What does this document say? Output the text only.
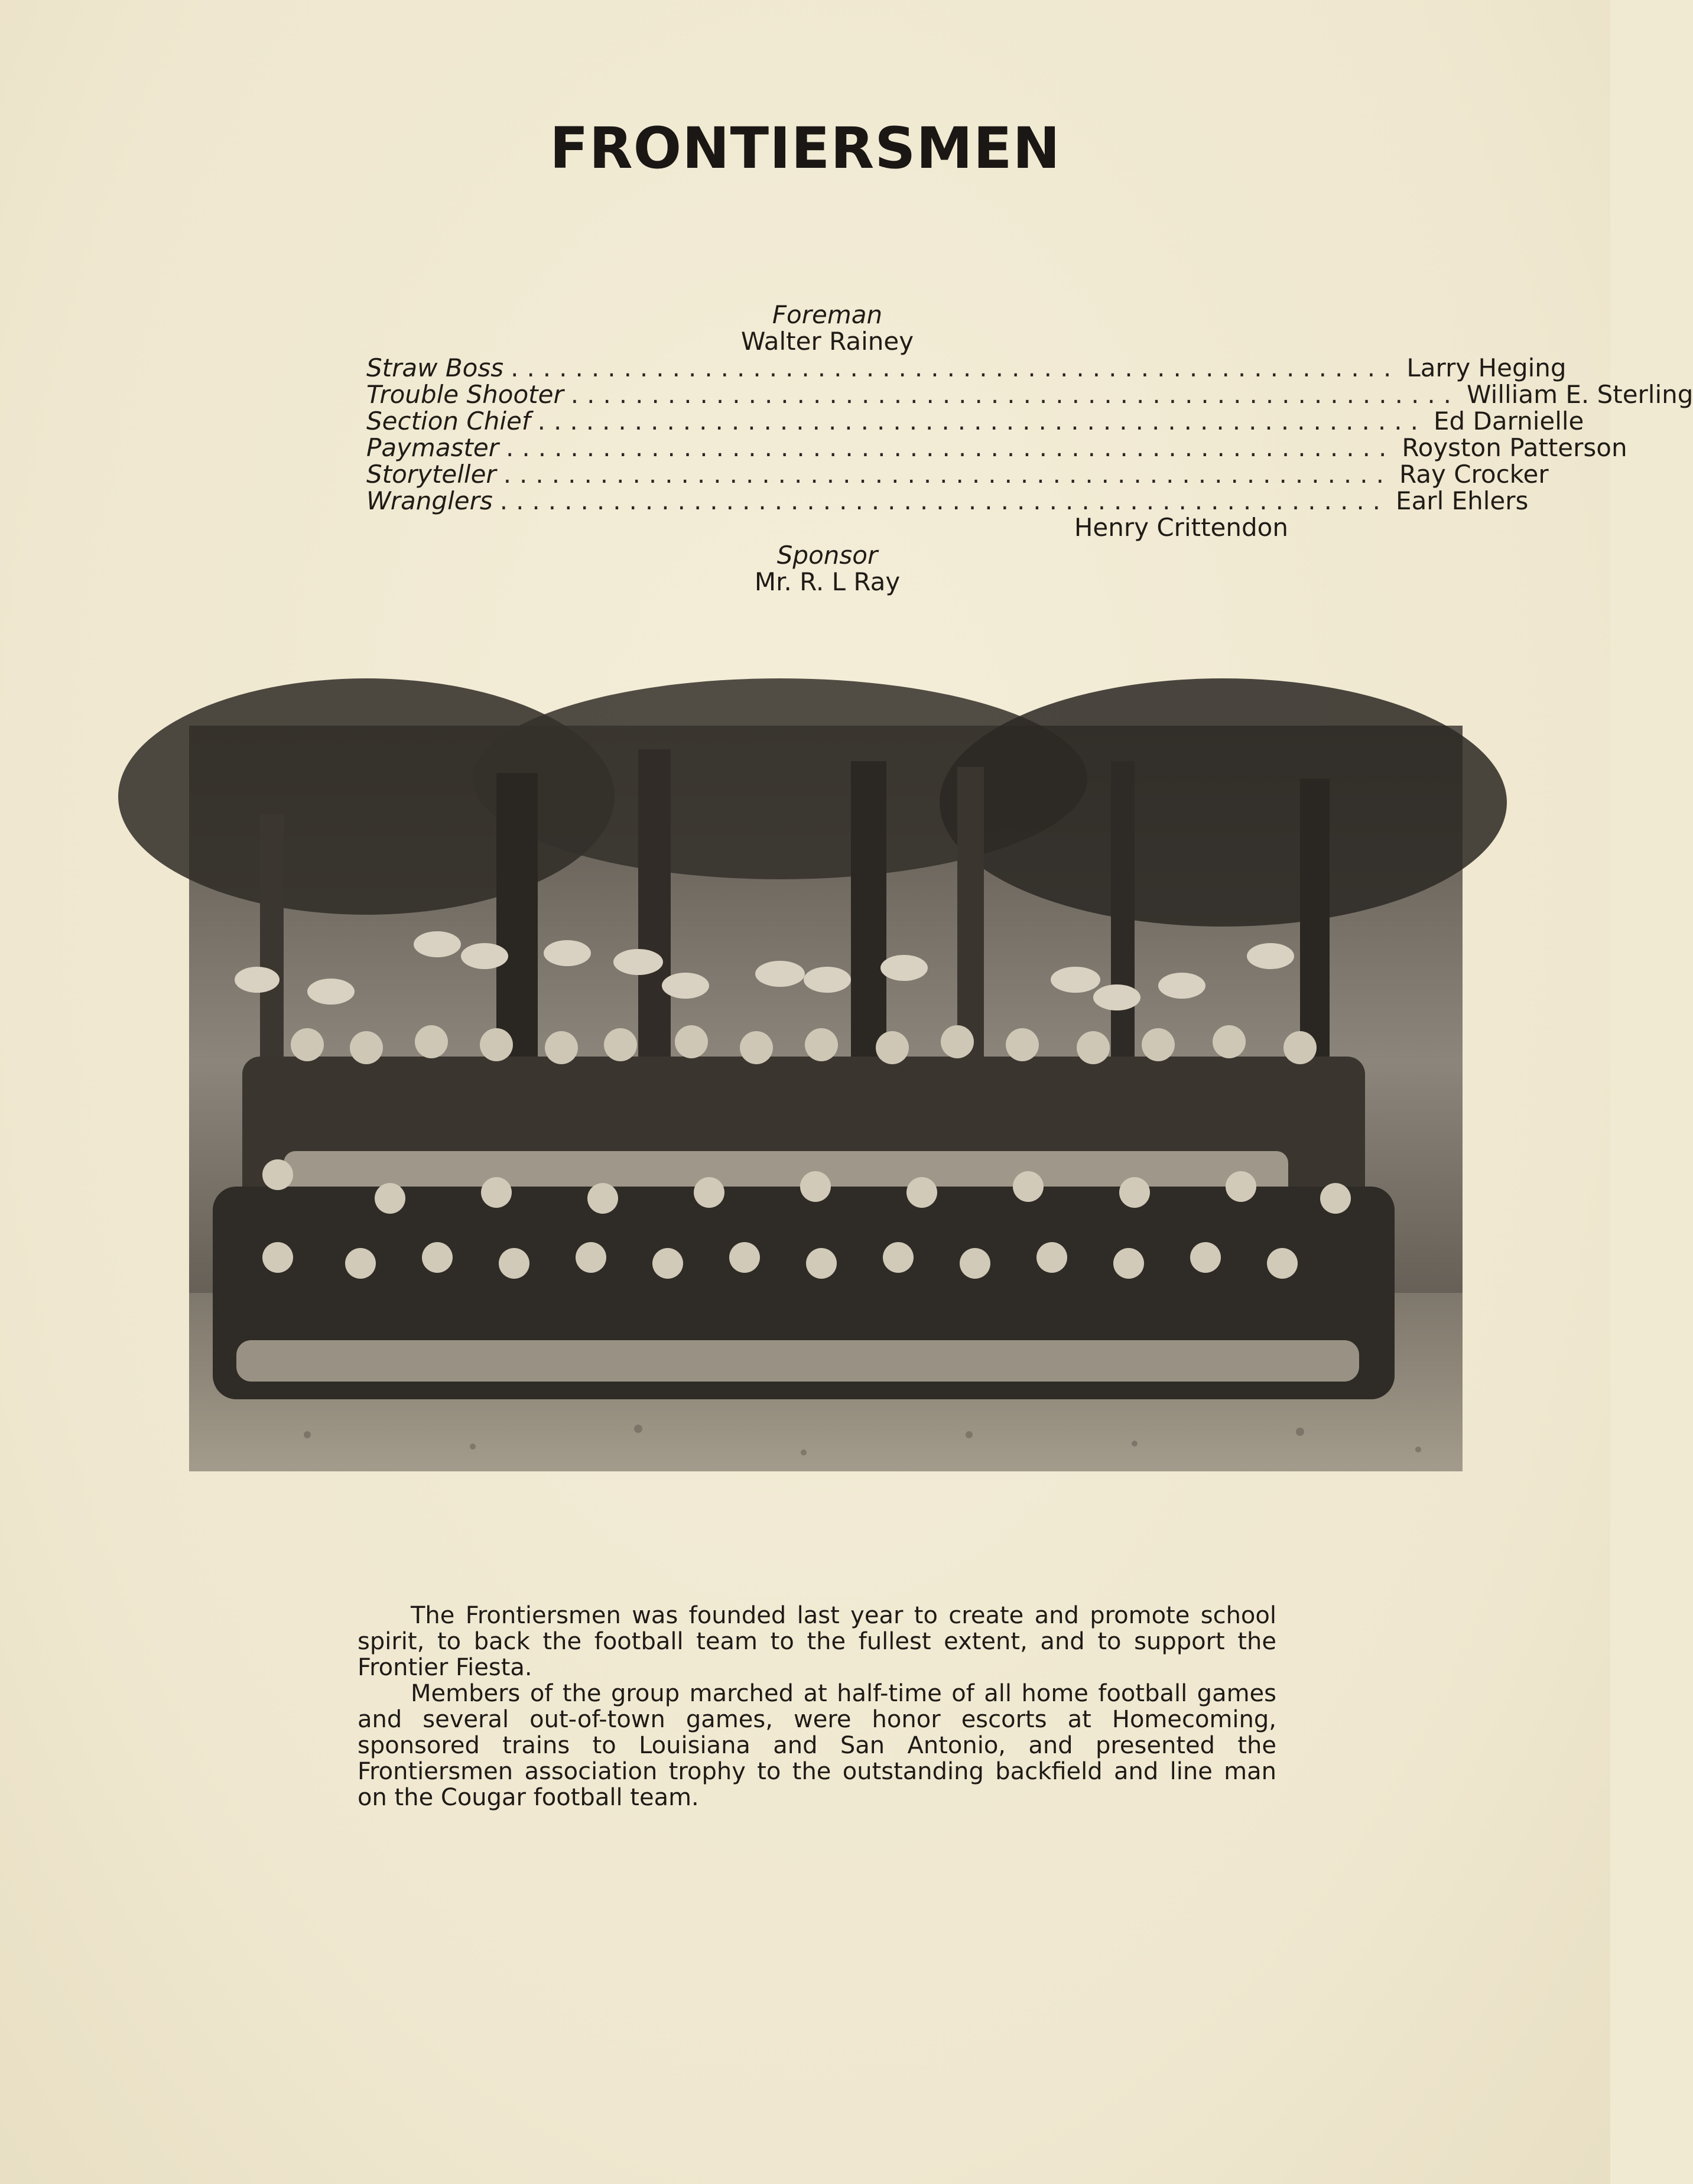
FRONTIERSMEN
Foreman
Walter Rainey
Straw Boss ....................................................... Larry Heging
Trouble Shooter ....................................................... William E. Sterling
Section Chief ....................................................... Ed Darnielle
Paymaster ....................................................... Royston Patterson
Storyteller ....................................................... Ray Crocker
Wranglers ....................................................... Earl Ehlers
Henry Crittendon
Sponsor
Mr. R. L Ray

The Frontiersmen was founded last year to create and promote school spirit, to back the football team to the fullest extent, and to support the Frontier Fiesta.

Members of the group marched at half-time of all home football games and several out-of-town games, were honor escorts at Homecoming, sponsored trains to Louisiana and San Antonio, and presented the Frontiersmen association trophy to the outstanding backfield and line man on the Cougar football team.
